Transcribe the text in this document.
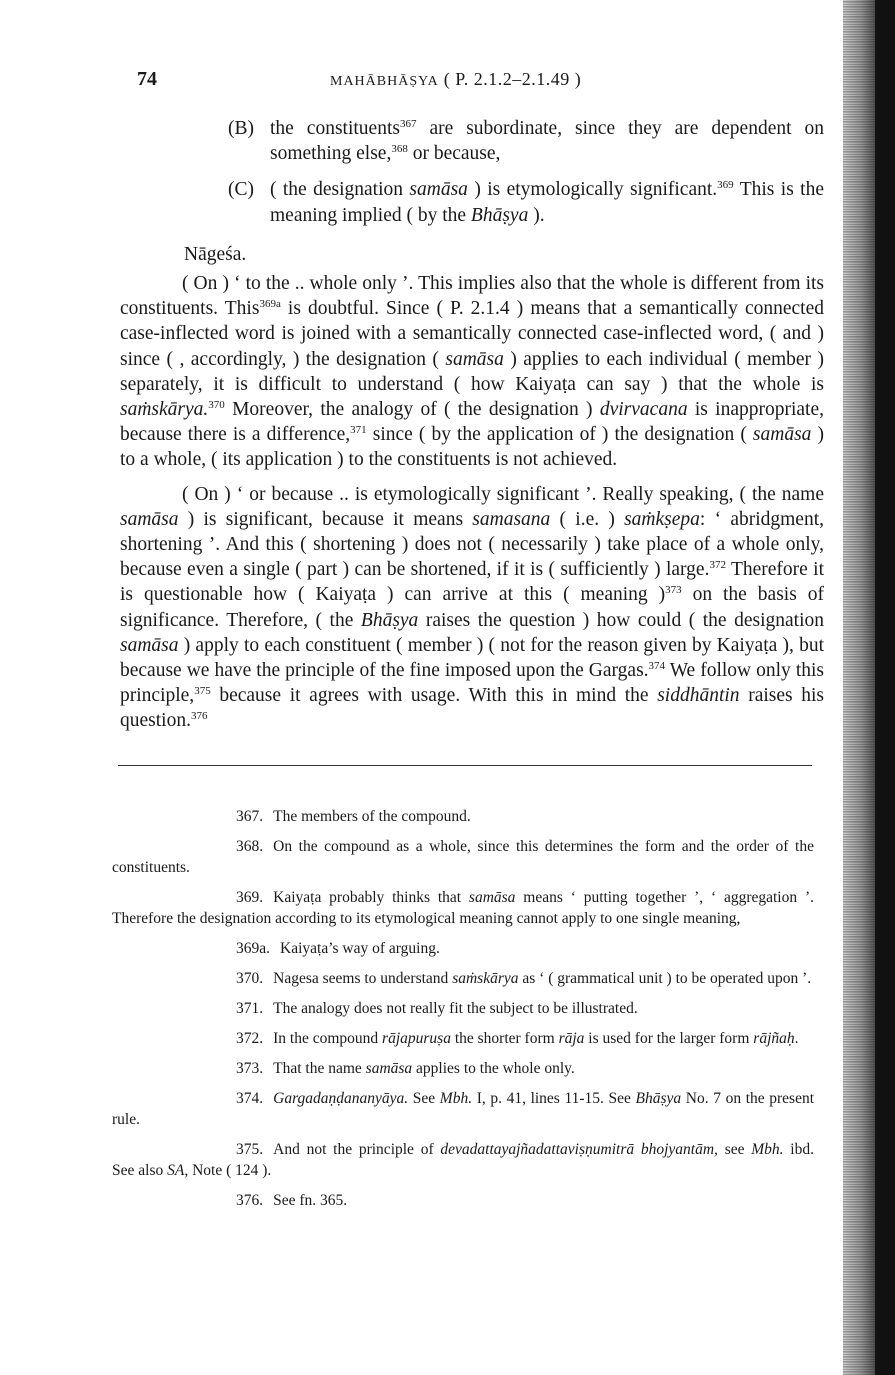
74	MAHĀBHĀṢYA ( P. 2.1.2–2.1.49 )
(B) the constituents$^{367}$ are subordinate, since they are dependent on something else,$^{368}$ or because,
(C) ( the designation samāsa ) is etymologically significant.$^{369}$ This is the meaning implied ( by the Bhāṣya ).
Nāgeśa.

( On ) ‘ to the .. whole only ’. This implies also that the whole is different from its constituents. This$^{369a}$ is doubtful. Since ( P. 2.1.4 ) means that a semantically connected case-inflected word is joined with a semantically connected case-inflected word, ( and ) since ( , accordingly, ) the designation ( samāsa ) applies to each individual ( member ) separately, it is difficult to understand ( how Kaiyaṭa can say ) that the whole is saṁskārya.$^{370}$ Moreover, the analogy of ( the designation ) dvirvacana is inappropriate, because there is a difference,$^{371}$ since ( by the application of ) the designation ( samāsa ) to a whole, ( its application ) to the constituents is not achieved.

( On ) ‘ or because .. is etymologically significant ’. Really speaking, ( the name samāsa ) is significant, because it means samasana ( i.e. ) saṁkṣepa: ‘ abridgment, shortening ’. And this ( shortening ) does not ( necessarily ) take place of a whole only, because even a single ( part ) can be shortened, if it is ( sufficiently ) large.$^{372}$ Therefore it is questionable how ( Kaiyaṭa ) can arrive at this ( meaning )$^{373}$ on the basis of significance. Therefore, ( the Bhāṣya raises the question ) how could ( the designation samāsa ) apply to each constituent ( member ) ( not for the reason given by Kaiyaṭa ), but because we have the principle of the fine imposed upon the Gargas.$^{374}$ We follow only this principle,$^{375}$ because it agrees with usage. With this in mind the siddhāntin raises his question.$^{376}$

367. The members of the compound.

368. On the compound as a whole, since this determines the form and the order of the constituents.

369. Kaiyaṭa probably thinks that samāsa means ‘ putting together ’, ‘ aggregation ’. Therefore the designation according to its etymological meaning cannot apply to one single meaning,

369a. Kaiyaṭa’s way of arguing.

370. Nagesa seems to understand saṁskārya as ‘ ( grammatical unit ) to be operated upon ’.

371. The analogy does not really fit the subject to be illustrated.

372. In the compound rājapuruṣa the shorter form rāja is used for the larger form rājñaḥ.

373. That the name samāsa applies to the whole only.

374. Gargadaṇḍananyāya. See Mbh. I, p. 41, lines 11-15. See Bhāṣya No. 7 on the present rule.

375. And not the principle of devadattayajñadattaviṣṇumitrā bhojyantām, see Mbh. ibd. See also SA, Note ( 124 ).

376. See fn. 365.
